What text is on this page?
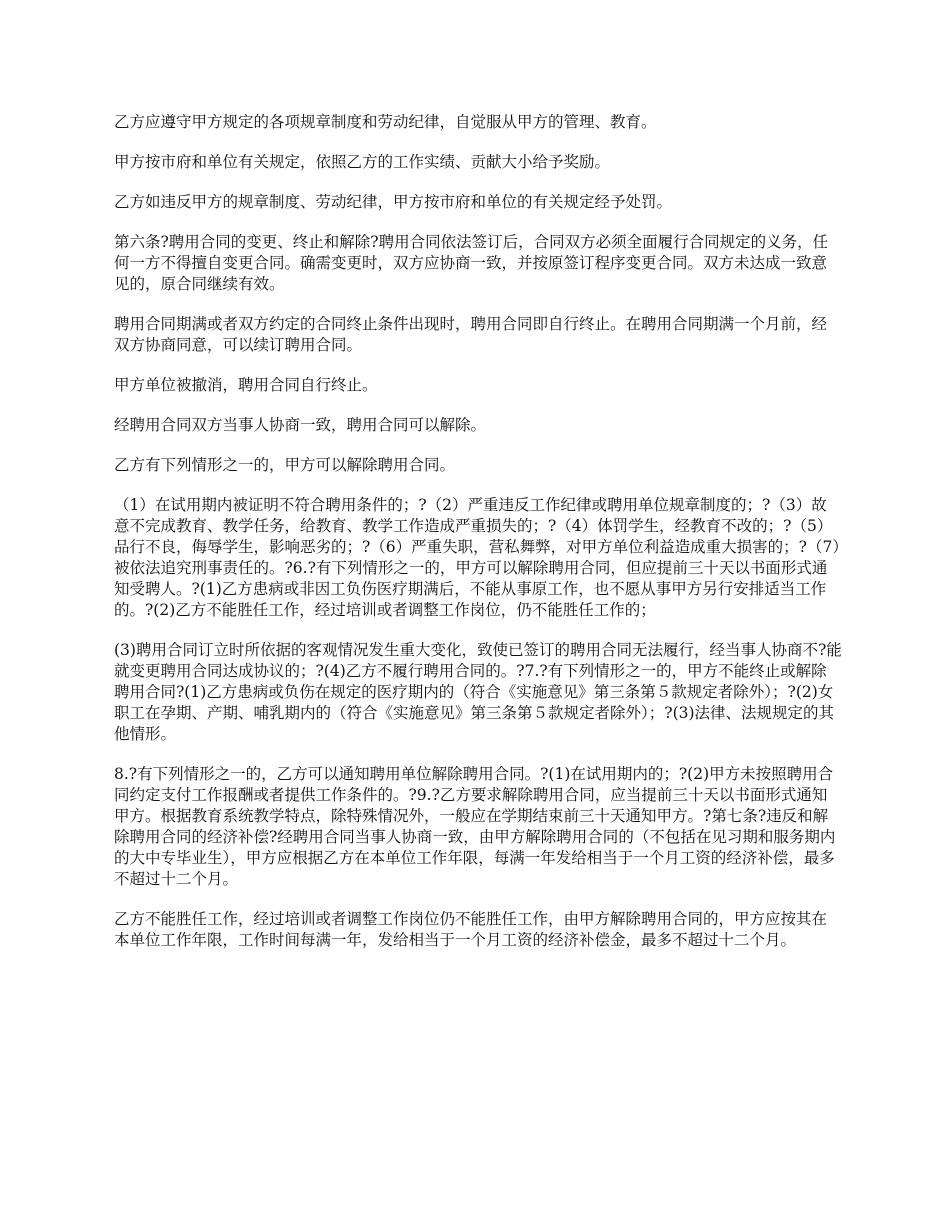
乙方应遵守甲方规定的各项规章制度和劳动纪律，自觉服从甲方的管理、教育。

甲方按市府和单位有关规定，依照乙方的工作实绩、贡献大小给予奖励。

乙方如违反甲方的规章制度、劳动纪律，甲方按市府和单位的有关规定经予处罚。

第六条?聘用合同的变更、终止和解除?聘用合同依法签订后，合同双方必须全面履行合同规定的义务，任何一方不得擅自变更合同。确需变更时，双方应协商一致，并按原签订程序变更合同。双方未达成一致意见的，原合同继续有效。

聘用合同期满或者双方约定的合同终止条件出现时，聘用合同即自行终止。在聘用合同期满一个月前，经双方协商同意，可以续订聘用合同。

甲方单位被撤消，聘用合同自行终止。

经聘用合同双方当事人协商一致，聘用合同可以解除。

乙方有下列情形之一的，甲方可以解除聘用合同。

（1）在试用期内被证明不符合聘用条件的；?（2）严重违反工作纪律或聘用单位规章制度的；?（3）故意不完成教育、教学任务，给教育、教学工作造成严重损失的；?（4）体罚学生，经教育不改的；?（5）品行不良，侮辱学生，影响恶劣的；?（6）严重失职，营私舞弊，对甲方单位利益造成重大损害的；?（7）被依法追究刑事责任的。?6.?有下列情形之一的，甲方可以解除聘用合同，但应提前三十天以书面形式通知受聘人。?(1)乙方患病或非因工负伤医疗期满后，不能从事原工作，也不愿从事甲方另行安排适当工作的。?(2)乙方不能胜任工作，经过培训或者调整工作岗位，仍不能胜任工作的；

(3)聘用合同订立时所依据的客观情况发生重大变化，致使已签订的聘用合同无法履行，经当事人协商不?能就变更聘用合同达成协议的；?(4)乙方不履行聘用合同的。?7.?有下列情形之一的，甲方不能终止或解除聘用合同?(1)乙方患病或负伤在规定的医疗期内的（符合《实施意见》第三条第５款规定者除外）；?(2)女职工在孕期、产期、哺乳期内的（符合《实施意见》第三条第５款规定者除外）；?(3)法律、法规规定的其他情形。

8.?有下列情形之一的，乙方可以通知聘用单位解除聘用合同。?(1)在试用期内的；?(2)甲方未按照聘用合同约定支付工作报酬或者提供工作条件的。?9.?乙方要求解除聘用合同，应当提前三十天以书面形式通知甲方。根据教育系统教学特点，除特殊情况外，一般应在学期结束前三十天通知甲方。?第七条?违反和解除聘用合同的经济补偿?经聘用合同当事人协商一致，由甲方解除聘用合同的（不包括在见习期和服务期内的大中专毕业生），甲方应根据乙方在本单位工作年限，每满一年发给相当于一个月工资的经济补偿，最多不超过十二个月。

乙方不能胜任工作，经过培训或者调整工作岗位仍不能胜任工作，由甲方解除聘用合同的，甲方应按其在本单位工作年限，工作时间每满一年，发给相当于一个月工资的经济补偿金，最多不超过十二个月。
